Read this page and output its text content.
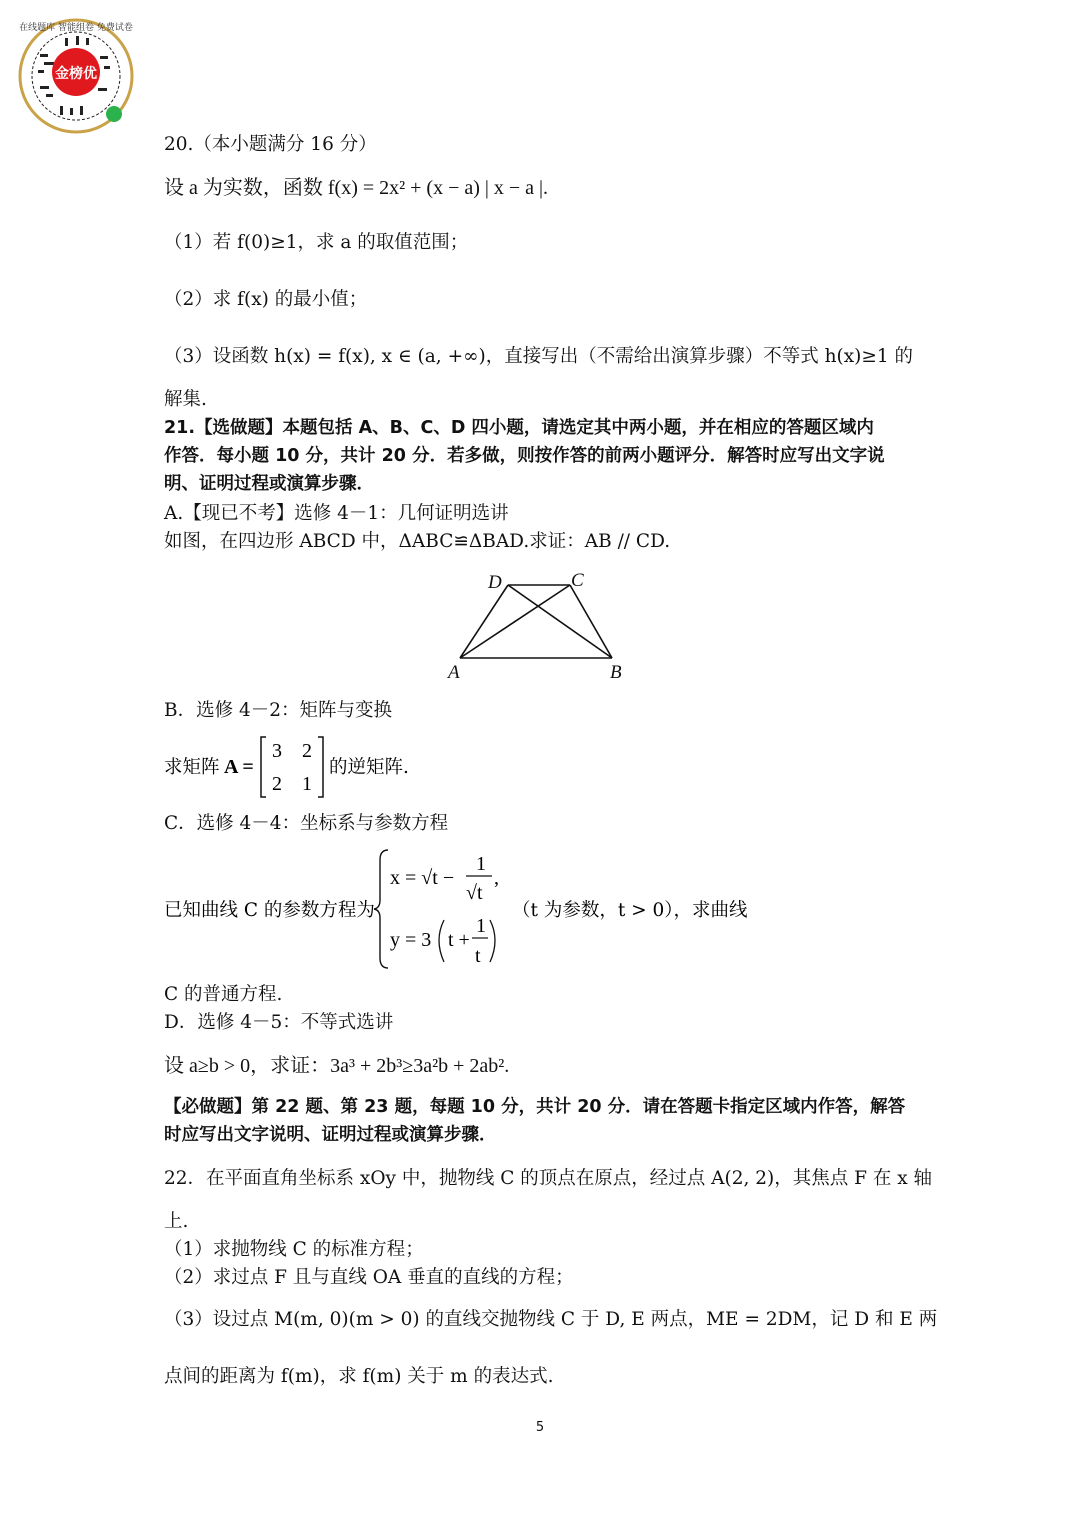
金榜优
在线题库 智能组卷 免费试卷
20.（本小题满分 16 分）
设 a 为实数，函数 f(x) = 2x² + (x − a) | x − a |.
（1）若 f(0)≥1，求 a 的取值范围；
（2）求 f(x) 的最小值；
（3）设函数 h(x) = f(x), x ∈ (a, +∞)，直接写出（不需给出演算步骤）不等式 h(x)≥1 的
解集.
21.【选做题】本题包括 A、B、C、D 四小题，请选定其中两小题，并在相应的答题区域内
作答．每小题 10 分，共计 20 分．若多做，则按作答的前两小题评分．解答时应写出文字说
明、证明过程或演算步骤．
A.【现已不考】选修 4－1：几何证明选讲
如图，在四边形 ABCD 中，ΔABC≌ΔBAD.求证：AB // CD.
A	B
C
D
B．选修 4－2：矩阵与变换
求矩阵 A =
3 2
2 1
的逆矩阵.
C．选修 4－4：坐标系与参数方程
已知曲线 C 的参数方程为
x = √t −
1
√t
,
y = 3 t +
1
t
（t 为参数，t > 0），求曲线
C 的普通方程.
D．选修 4－5：不等式选讲
设 a≥b > 0，求证：3a³ + 2b³≥3a²b + 2ab².
【必做题】第 22 题、第 23 题，每题 10 分，共计 20 分．请在答题卡指定区域内作答，解答
时应写出文字说明、证明过程或演算步骤．
22．在平面直角坐标系 xOy 中，抛物线 C 的顶点在原点，经过点 A(2, 2)，其焦点 F 在 x 轴
上.
（1）求抛物线 C 的标准方程；
（2）求过点 F 且与直线 OA 垂直的直线的方程；
（3）设过点 M(m, 0)(m > 0) 的直线交抛物线 C 于 D, E 两点，ME = 2DM，记 D 和 E 两
点间的距离为 f(m)，求 f(m) 关于 m 的表达式.
5
